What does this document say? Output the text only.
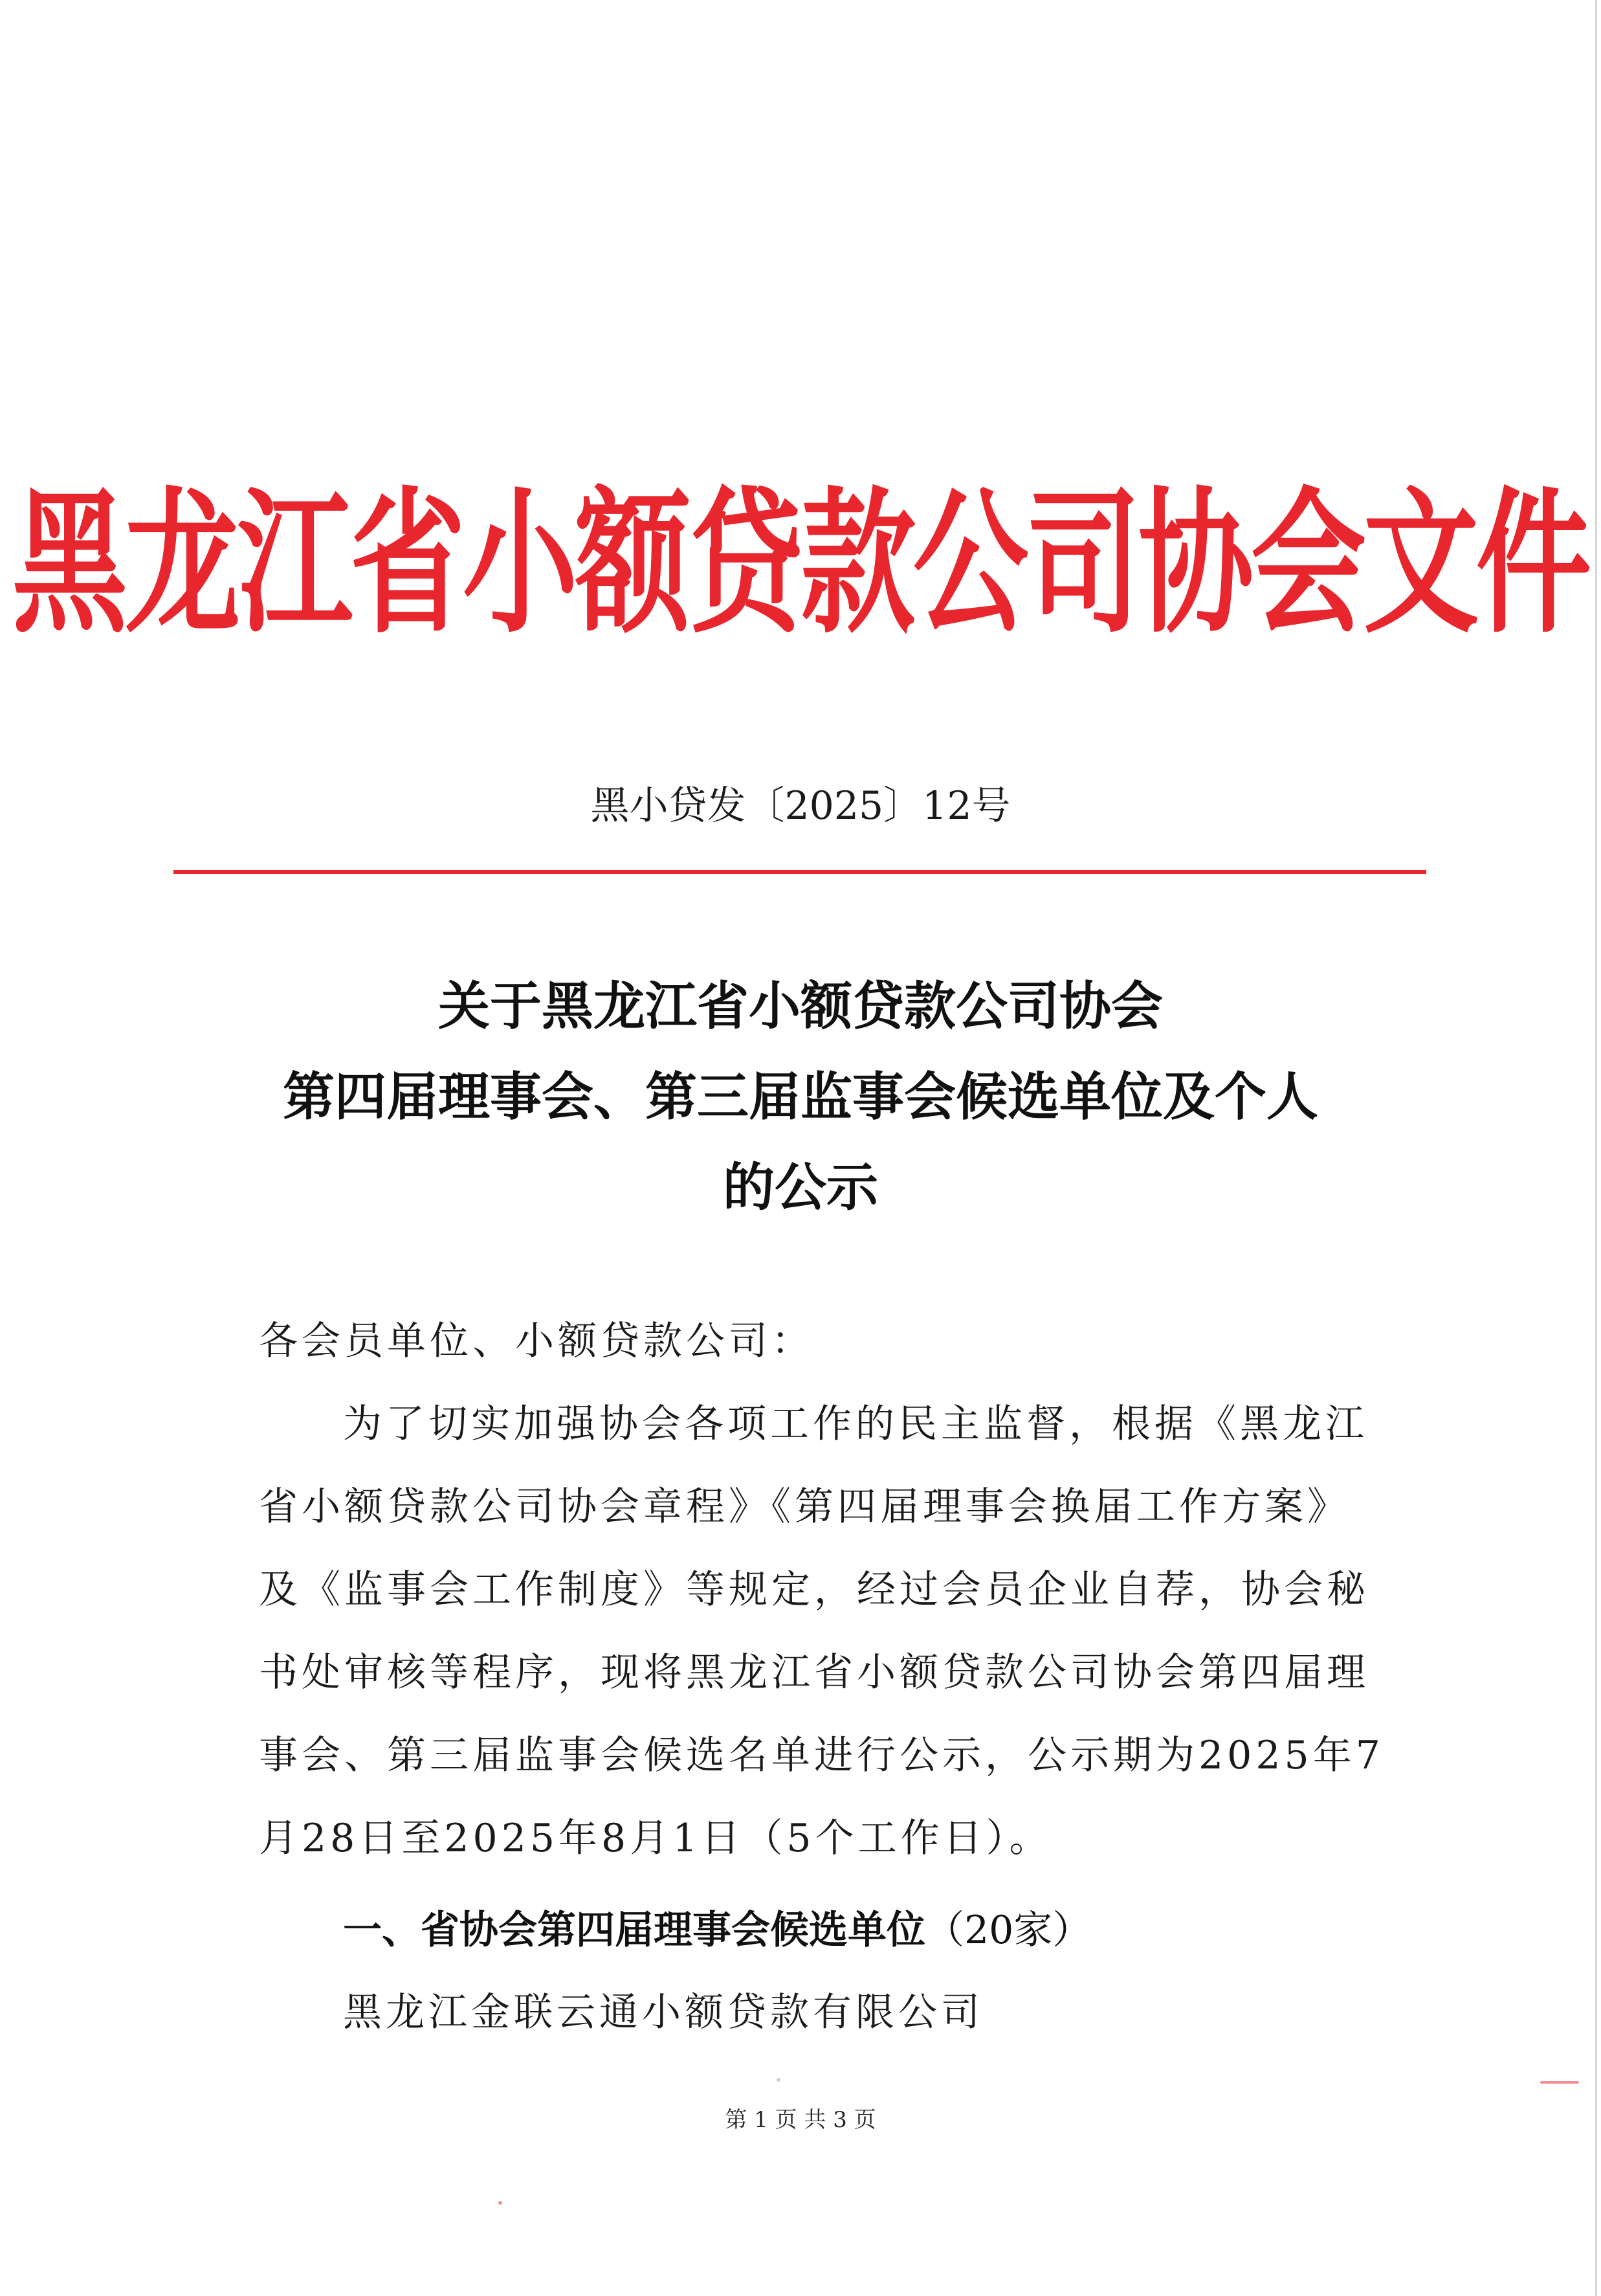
黑龙江省小额贷款公司协会文件
黑小贷发〔2025〕12号
关于黑龙江省小额贷款公司协会
第四届理事会、第三届监事会候选单位及个人
的公示
各会员单位、小额贷款公司：
为了切实加强协会各项工作的民主监督，根据《黑龙江
省小额贷款公司协会章程》《第四届理事会换届工作方案》
及《监事会工作制度》等规定，经过会员企业自荐，协会秘
书处审核等程序，现将黑龙江省小额贷款公司协会第四届理
事会、第三届监事会候选名单进行公示，公示期为2025年7
月28日至2025年8月1日（5个工作日）。
一、省协会第四届理事会候选单位（20家）
黑龙江金联云通小额贷款有限公司
第 1 页 共 3 页
